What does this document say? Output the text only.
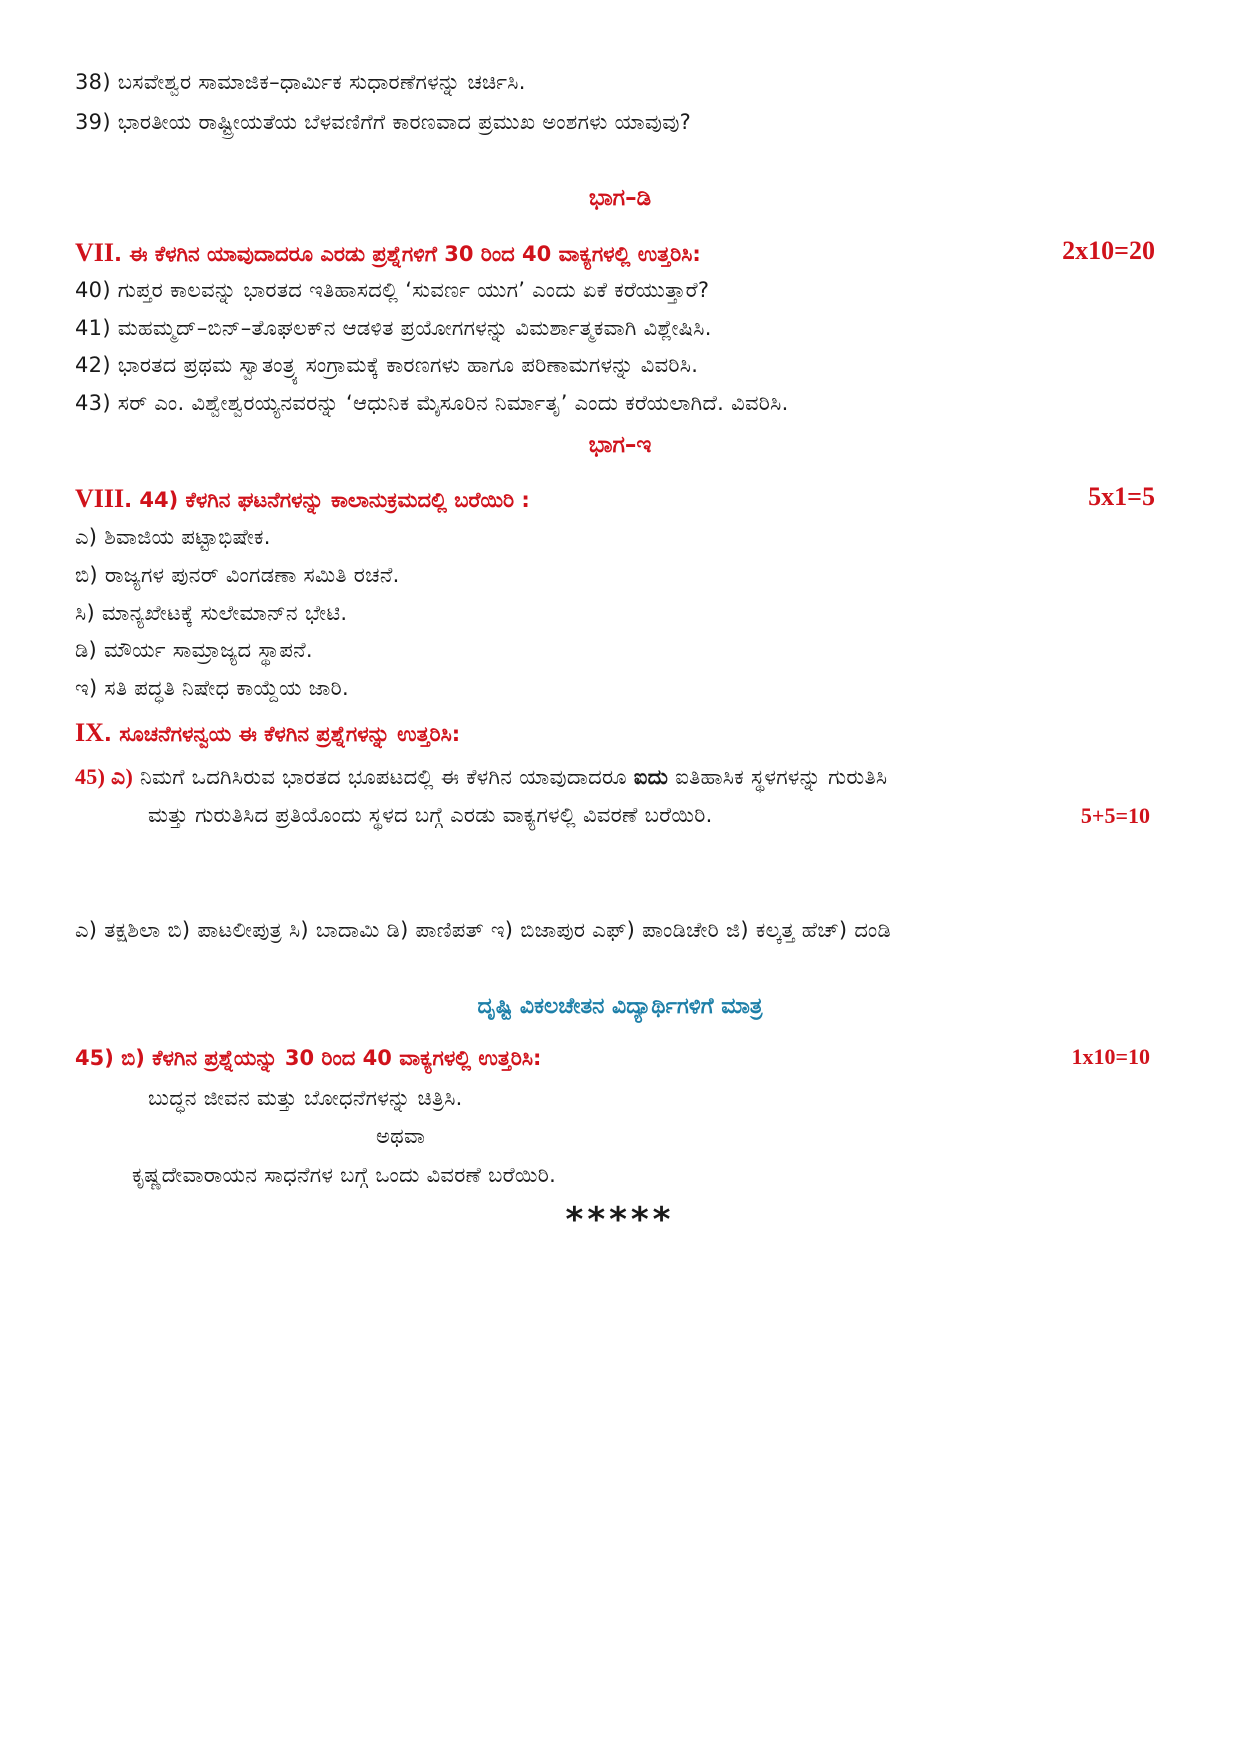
38) ಬಸವೇಶ್ವರ ಸಾಮಾಜಿಕ–ಧಾರ್ಮಿಕ ಸುಧಾರಣೆಗಳನ್ನು ಚರ್ಚಿಸಿ.
39) ಭಾರತೀಯ ರಾಷ್ಟ್ರೀಯತೆಯ ಬೆಳವಣಿಗೆಗೆ ಕಾರಣವಾದ ಪ್ರಮುಖ ಅಂಶಗಳು ಯಾವುವು?
ಭಾಗ–ಡಿ
VII. ಈ ಕೆಳಗಿನ ಯಾವುದಾದರೂ ಎರಡು ಪ್ರಶ್ನೆಗಳಿಗೆ 30 ರಿಂದ 40 ವಾಕ್ಯಗಳಲ್ಲಿ ಉತ್ತರಿಸಿ:	2x10=20
40) ಗುಪ್ತರ ಕಾಲವನ್ನು ಭಾರತದ ಇತಿಹಾಸದಲ್ಲಿ ‘ಸುವರ್ಣ ಯುಗ’ ಎಂದು ಏಕೆ ಕರೆಯುತ್ತಾರೆ?
41) ಮಹಮ್ಮದ್–ಬಿನ್–ತೊಘಲಕ್‌ನ ಆಡಳಿತ ಪ್ರಯೋಗಗಳನ್ನು ವಿಮರ್ಶಾತ್ಮಕವಾಗಿ ವಿಶ್ಲೇಷಿಸಿ.
42) ಭಾರತದ ಪ್ರಥಮ ಸ್ವಾತಂತ್ರ್ಯ ಸಂಗ್ರಾಮಕ್ಕೆ ಕಾರಣಗಳು ಹಾಗೂ ಪರಿಣಾಮಗಳನ್ನು ವಿವರಿಸಿ.
43) ಸರ್ ಎಂ. ವಿಶ್ವೇಶ್ವರಯ್ಯನವರನ್ನು ‘ಆಧುನಿಕ ಮೈಸೂರಿನ ನಿರ್ಮಾತೃ’ ಎಂದು ಕರೆಯಲಾಗಿದೆ. ವಿವರಿಸಿ.
ಭಾಗ–ಇ
VIII. 44) ಕೆಳಗಿನ ಘಟನೆಗಳನ್ನು ಕಾಲಾನುಕ್ರಮದಲ್ಲಿ ಬರೆಯಿರಿ :	5x1=5
ಎ) ಶಿವಾಜಿಯ ಪಟ್ಟಾಭಿಷೇಕ.
ಬಿ) ರಾಜ್ಯಗಳ ಪುನರ್ ವಿಂಗಡಣಾ ಸಮಿತಿ ರಚನೆ.
ಸಿ) ಮಾನ್ಯಖೇಟಕ್ಕೆ ಸುಲೇಮಾನ್‌ನ ಭೇಟಿ.
ಡಿ) ಮೌರ್ಯ ಸಾಮ್ರಾಜ್ಯದ ಸ್ಥಾಪನೆ.
ಇ) ಸತಿ ಪದ್ಧತಿ ನಿಷೇಧ ಕಾಯ್ದೆಯ ಜಾರಿ.
IX. ಸೂಚನೆಗಳನ್ವಯ ಈ ಕೆಳಗಿನ ಪ್ರಶ್ನೆಗಳನ್ನು ಉತ್ತರಿಸಿ:
45) ಎ) ನಿಮಗೆ ಒದಗಿಸಿರುವ ಭಾರತದ ಭೂಪಟದಲ್ಲಿ ಈ ಕೆಳಗಿನ ಯಾವುದಾದರೂ ಐದು ಐತಿಹಾಸಿಕ ಸ್ಥಳಗಳನ್ನು ಗುರುತಿಸಿ
ಮತ್ತು ಗುರುತಿಸಿದ ಪ್ರತಿಯೊಂದು ಸ್ಥಳದ ಬಗ್ಗೆ ಎರಡು ವಾಕ್ಯಗಳಲ್ಲಿ ವಿವರಣೆ ಬರೆಯಿರಿ.	5+5=10
ಎ) ತಕ್ಷಶಿಲಾ ಬಿ) ಪಾಟಲೀಪುತ್ರ ಸಿ) ಬಾದಾಮಿ ಡಿ) ಪಾಣಿಪತ್ ಇ) ಬಿಜಾಪುರ ಎಫ್) ಪಾಂಡಿಚೇರಿ ಜಿ) ಕಲ್ಕತ್ತ ಹೆಚ್) ದಂಡಿ
ದೃಷ್ಟಿ ವಿಕಲಚೇತನ ವಿದ್ಯಾರ್ಥಿಗಳಿಗೆ ಮಾತ್ರ
45) ಬಿ) ಕೆಳಗಿನ ಪ್ರಶ್ನೆಯನ್ನು 30 ರಿಂದ 40 ವಾಕ್ಯಗಳಲ್ಲಿ ಉತ್ತರಿಸಿ:	1x10=10
ಬುದ್ಧನ ಜೀವನ ಮತ್ತು ಬೋಧನೆಗಳನ್ನು ಚಿತ್ರಿಸಿ.
ಅಥವಾ
ಕೃಷ್ಣದೇವಾರಾಯನ ಸಾಧನೆಗಳ ಬಗ್ಗೆ ಒಂದು ವಿವರಣೆ ಬರೆಯಿರಿ.
*****
